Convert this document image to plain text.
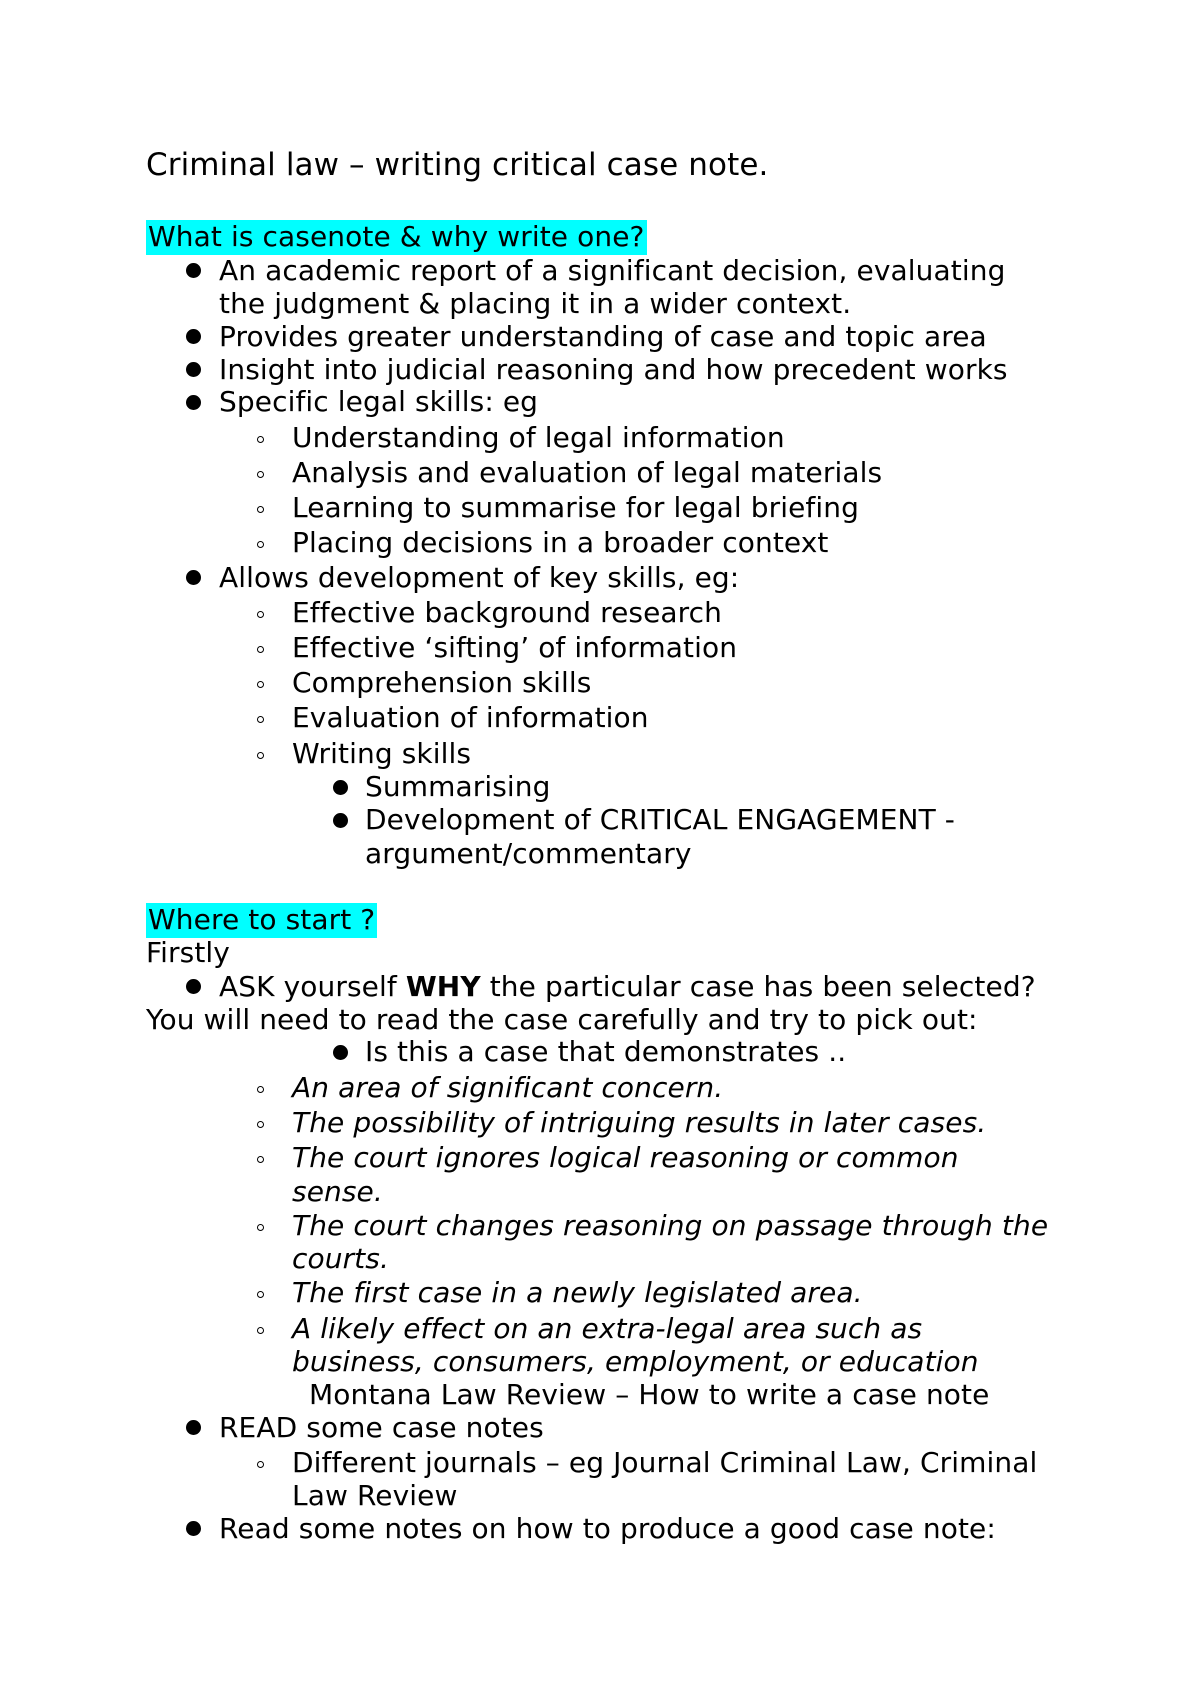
Criminal law – writing critical case note.
What is casenote & why write one?
An academic report of a significant decision, evaluating
the judgment & placing it in a wider context.
Provides greater understanding of case and topic area
Insight into judicial reasoning and how precedent works
Specific legal skills: eg
Understanding of legal information
Analysis and evaluation of legal materials
Learning to summarise for legal briefing
Placing decisions in a broader context
Allows development of key skills, eg:
Effective background research
Effective ‘sifting’ of information
Comprehension skills
Evaluation of information
Writing skills
Summarising
Development of CRITICAL ENGAGEMENT -
argument/commentary
Where to start ?
Firstly
ASK yourself WHY the particular case has been selected?
You will need to read the case carefully and try to pick out:
Is this a case that demonstrates ..
An area of significant concern.
The possibility of intriguing results in later cases.
The court ignores logical reasoning or common
sense.
The court changes reasoning on passage through the
courts.
The first case in a newly legislated area.
A likely effect on an extra-legal area such as
business, consumers, employment, or education
Montana Law Review – How to write a case note
READ some case notes
Different journals – eg Journal Criminal Law, Criminal
Law Review
Read some notes on how to produce a good case note:
